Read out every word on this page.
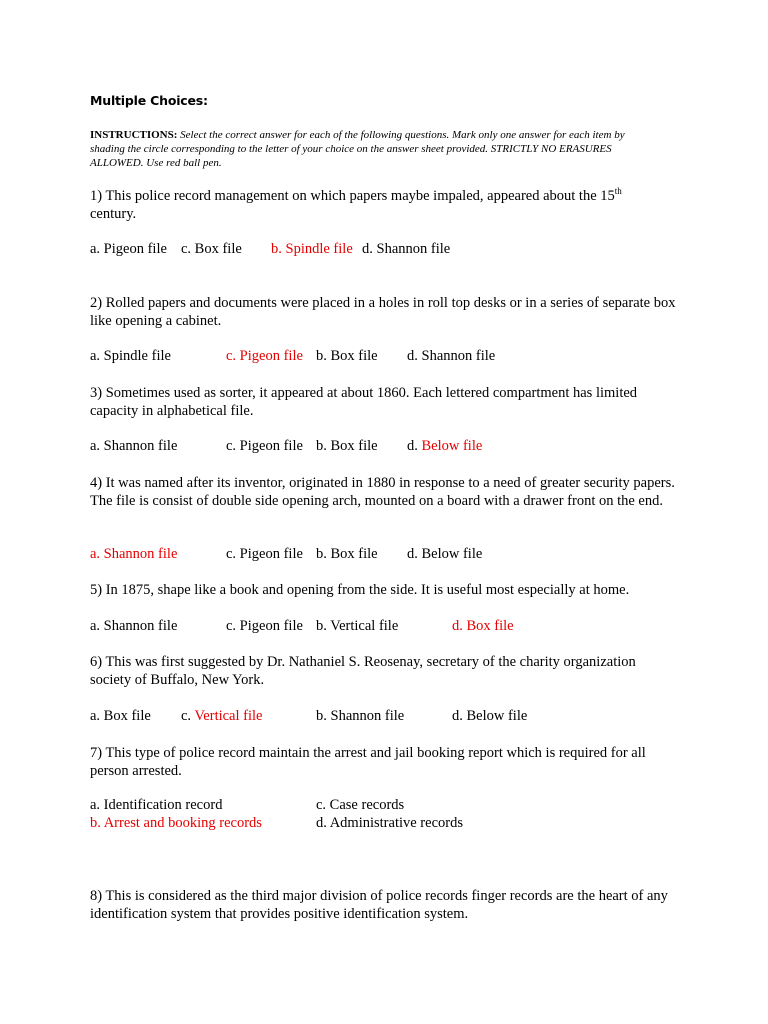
Multiple Choices:
INSTRUCTIONS: Select the correct answer for each of the following questions. Mark only one answer for each item by shading the circle corresponding to the letter of your choice on the answer sheet provided. STRICTLY NO ERASURES ALLOWED. Use red ball pen.
1) This police record management on which papers maybe impaled, appeared about the 15th
century.
a. Pigeon file c. Box file b. Spindle file d. Shannon file
2) Rolled papers and documents were placed in a holes in roll top desks or in a series of separate box like opening a cabinet.
a. Spindle file	c. Pigeon file b. Box file d. Shannon file
3) Sometimes used as sorter, it appeared at about 1860. Each lettered compartment has limited capacity in alphabetical file.
a. Shannon file	c. Pigeon file b. Box file d. Below file
4) It was named after its inventor, originated in 1880 in response to a need of greater security papers. The file is consist of double side opening arch, mounted on a board with a drawer front on the end.
a. Shannon file	c. Pigeon file b. Box file d. Below file
5) In 1875, shape like a book and opening from the side. It is useful most especially at home.
a. Shannon file	c. Pigeon file b. Vertical file	d. Box file
6) This was first suggested by Dr. Nathaniel S. Reosenay, secretary of the charity organization society of Buffalo, New York.
a. Box file c. Vertical file	b. Shannon file	d. Below file
7) This type of police record maintain the arrest and jail booking report which is required for all person arrested.
a. Identification record	c. Case records
b. Arrest and booking records	d. Administrative records
8) This is considered as the third major division of police records finger records are the heart of any identification system that provides positive identification system.
